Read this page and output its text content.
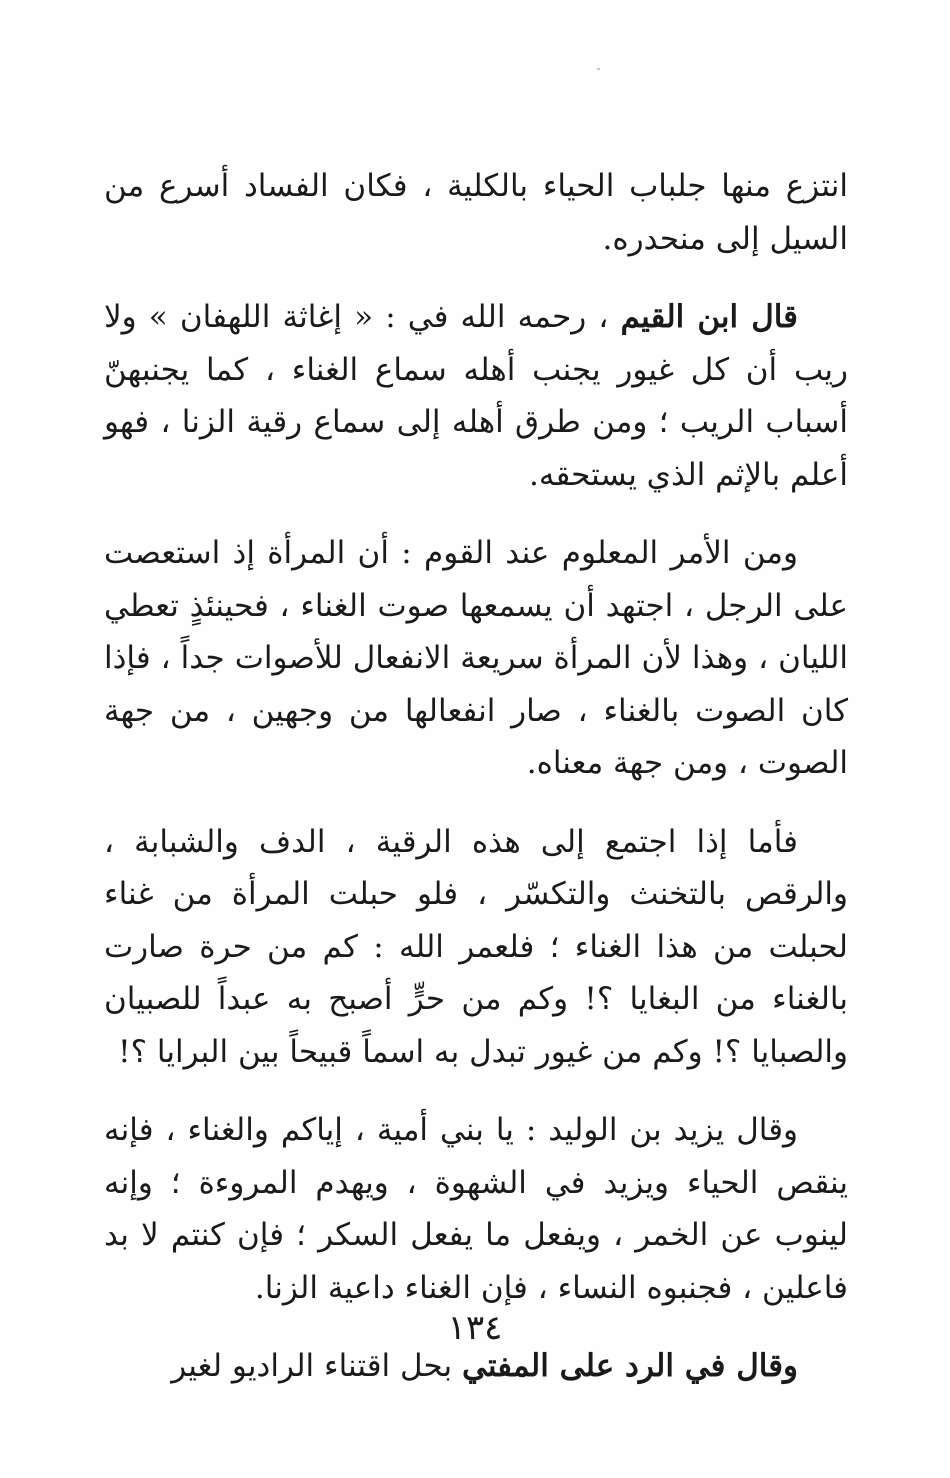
انتزع منها جلباب الحياء بالكلية ، فكان الفساد أسرع من السيل إلى منحدره.

قال ابن القيم ، رحمه الله في : « إغاثة اللهفان » ولا ريب أن كل غيور يجنب أهله سماع الغناء ، كما يجنبهنّ أسباب الريب ؛ ومن طرق أهله إلى سماع رقية الزنا ، فهو أعلم بالإثم الذي يستحقه.

ومن الأمر المعلوم عند القوم : أن المرأة إذ استعصت على الرجل ، اجتهد أن يسمعها صوت الغناء ، فحينئذٍ تعطي الليان ، وهذا لأن المرأة سريعة الانفعال للأصوات جداً ، فإذا كان الصوت بالغناء ، صار انفعالها من وجهين ، من جهة الصوت ، ومن جهة معناه.

فأما إذا اجتمع إلى هذه الرقية ، الدف والشبابة ، والرقص بالتخنث والتكسّر ، فلو حبلت المرأة من غناء لحبلت من هذا الغناء ؛ فلعمر الله : كم من حرة صارت بالغناء من البغايا ؟! وكم من حرٍّ أصبح به عبداً للصبيان والصبايا ؟! وكم من غيور تبدل به اسماً قبيحاً بين البرايا ؟!

وقال يزيد بن الوليد : يا بني أمية ، إياكم والغناء ، فإنه ينقص الحياء ويزيد في الشهوة ، ويهدم المروءة ؛ وإنه لينوب عن الخمر ، ويفعل ما يفعل السكر ؛ فإن كنتم لا بد فاعلين ، فجنبوه النساء ، فإن الغناء داعية الزنا.

وقال في الرد على المفتي بحل اقتناء الراديو لغير

١٣٤
